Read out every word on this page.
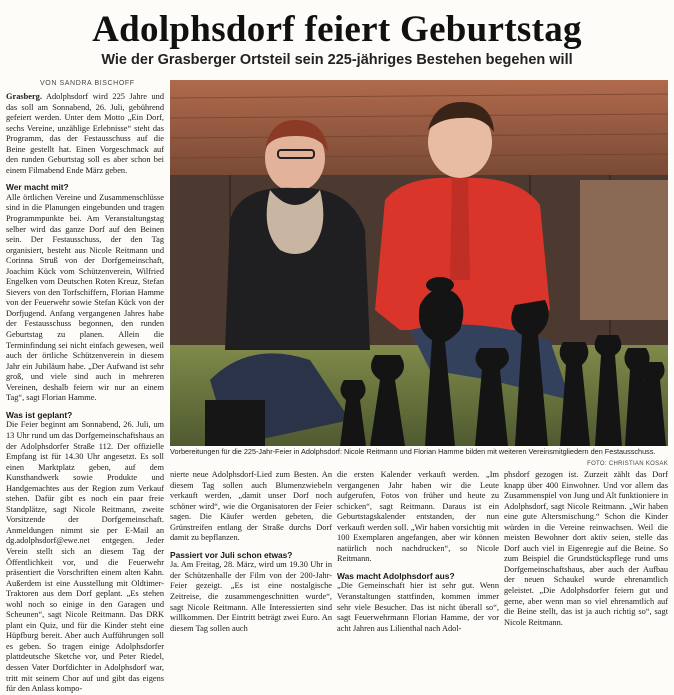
Adolphsdorf feiert Geburtstag
Wie der Grasberger Ortsteil sein 225-jähriges Bestehen begehen will
VON SANDRA BISCHOFF

Grasberg. Adolphsdorf wird 225 Jahre und das soll am Sonnabend, 26. Juli, gebührend gefeiert werden. Unter dem Motto „Ein Dorf, sechs Vereine, unzählige Erlebnisse“ steht das Programm, das der Festausschuss auf die Beine gestellt hat. Einen Vorgeschmack auf den runden Geburtstag soll es aber schon bei einem Filmabend Ende März geben.

Wer macht mit?

Alle örtlichen Vereine und Zusammenschlüsse sind in die Planungen eingebunden und tragen Programmpunkte bei. Am Veranstaltungstag selber wird das ganze Dorf auf den Beinen sein. Der Festausschuss, der den Tag organisiert, besteht aus Nicole Reitmann und Corinna Struß von der Dorfgemeinschaft, Joachim Kück vom Schützenverein, Wilfried Engelken vom Deutschen Roten Kreuz, Stefan Sievers von den Torfschiffern, Florian Hamme von der Feuerwehr sowie Stefan Kück von der Dorfjugend. Anfang vergangenen Jahres habe der Festausschuss begonnen, den runden Geburtstag zu planen. Allein die Terminfindung sei nicht einfach gewesen, weil auch der örtliche Schützenverein in diesem Jahr ein Jubiläum habe. „Der Aufwand ist sehr groß, und viele sind auch in mehreren Vereinen, deshalb feiern wir nur an einem Tag“, sagt Florian Hamme.

Was ist geplant?

Die Feier beginnt am Sonnabend, 26. Juli, um 13 Uhr rund um das Dorfgemeinschaftshaus an der Adolphsdorfer Straße 112. Der offizielle Empfang ist für 14.30 Uhr angesetzt. Es soll einen Marktplatz geben, auf dem Kunsthandwerk sowie Produkte und Handgemachtes aus der Region zum Verkauf stehen. Dafür gibt es noch ein paar freie Standplätze, sagt Nicole Reitmann, zweite Vorsitzende der Dorfgemeinschaft. Anmeldungen nimmt sie per E-Mail an dg.adolphsdorf@ewe.net entgegen. Jeder Verein stellt sich an diesem Tag der Öffentlichkeit vor, und die Feuerwehr präsentiert die Vorschriften einem alten Kahn. Außerdem ist eine Ausstellung mit Oldtimer-Traktoren aus dem Dorf geplant. „Es stehen wohl noch so einige in den Garagen und Scheunen“, sagt Nicole Reitmann. Das DRK plant ein Quiz, und für die Kinder steht eine Hüpfburg bereit. Aber auch Aufführungen soll es geben. So tragen einige Adolphsdorfer plattdeutsche Sketche vor, und Peter Riedel, dessen Vater Dorfdichter in Adolphsdorf war, tritt mit seinem Chor auf und gibt das eigens für den Anlass kompo-

Vorbereitungen für die 225-Jahr-Feier in Adolphsdorf: Nicole Reitmann und Florian Hamme bilden mit weiteren Vereinsmitgliedern den Festausschuss.
FOTO: CHRISTIAN KOSAK

nierte neue Adolphsdorf-Lied zum Besten. An diesem Tag sollen auch Blumenzwiebeln verkauft werden, „damit unser Dorf noch schöner wird“, wie die Organisatoren der Feier sagen. Die Käufer werden gebeten, die Grünstreifen entlang der Straße durchs Dorf damit zu bepflanzen.

Passiert vor Juli schon etwas?

Ja. Am Freitag, 28. März, wird um 19.30 Uhr in der Schützenhalle der Film von der 200-Jahr-Feier gezeigt. „Es ist eine nostalgische Zeitreise, die zusammengeschnitten wurde“, sagt Nicole Reitmann. Alle Interessierten sind willkommen. Der Eintritt beträgt zwei Euro. An diesem Tag sollen auch

die ersten Kalender verkauft werden. „Im vergangenen Jahr haben wir die Leute aufgerufen, Fotos von früher und heute zu schicken“, sagt Reitmann. Daraus ist ein Geburtstagskalender entstanden, der nun verkauft werden soll. „Wir haben vorsichtig mit 100 Exemplaren angefangen, aber wir können natürlich noch nachdrucken“, so Nicole Reitmann.

Was macht Adolphsdorf aus?

„Die Gemeinschaft hier ist sehr gut. Wenn Veranstaltungen stattfinden, kommen immer sehr viele Besucher. Das ist nicht überall so“, sagt Feuerwehrmann Florian Hamme, der vor acht Jahren aus Lilienthal nach Adol-

phsdorf gezogen ist. Zurzeit zählt das Dorf knapp über 400 Einwohner. Und vor allem das Zusammenspiel von Jung und Alt funktioniere in Adolphsdorf, sagt Nicole Reitmann. „Wir haben eine gute Altersmischung.“ Schon die Kinder würden in die Vereine reinwachsen. Weil die meisten Bewohner dort aktiv seien, stelle das Dorf auch viel in Eigenregie auf die Beine. So zum Beispiel die Grundstückspflege rund ums Dorfgemeinschaftshaus, aber auch der Aufbau der neuen Schaukel wurde ehrenamtlich geleistet. „Die Adolphsdorfer feiern gut und gerne, aber wenn man so viel ehrenamtlich auf die Beine stellt, das ist ja auch richtig so“, sagt Nicole Reitmann.
